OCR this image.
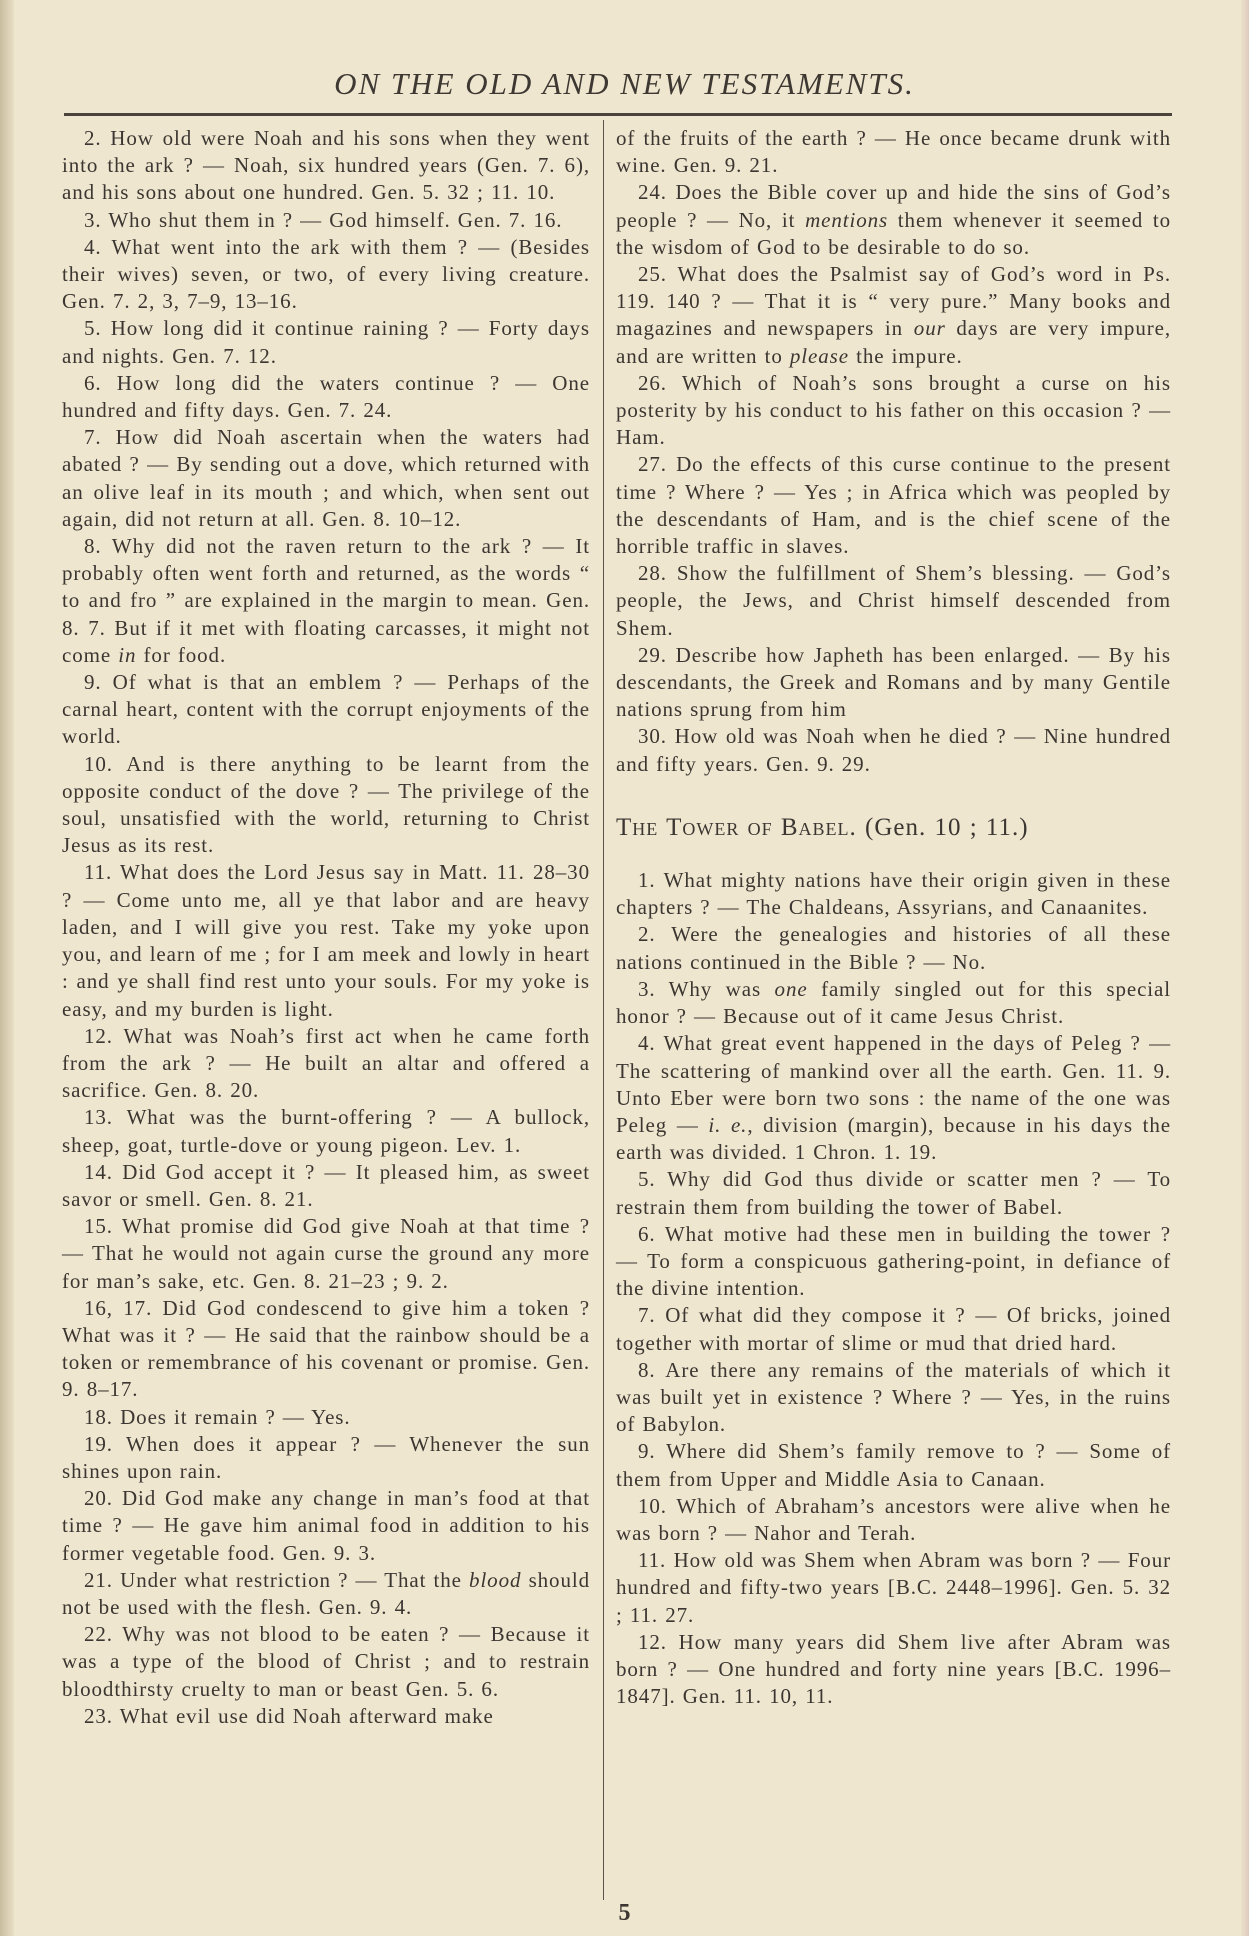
ON THE OLD AND NEW TESTAMENTS.

2. How old were Noah and his sons when they went into the ark ? — Noah, six hundred years (Gen. 7. 6), and his sons about one hundred. Gen. 5. 32 ; 11. 10.

3. Who shut them in ? — God himself. Gen. 7. 16.

4. What went into the ark with them ? — (Besides their wives) seven, or two, of every living creature. Gen. 7. 2, 3, 7–9, 13–16.

5. How long did it continue raining ? — Forty days and nights. Gen. 7. 12.

6. How long did the waters continue ? — One hundred and fifty days. Gen. 7. 24.

7. How did Noah ascertain when the waters had abated ? — By sending out a dove, which returned with an olive leaf in its mouth ; and which, when sent out again, did not return at all. Gen. 8. 10–12.

8. Why did not the raven return to the ark ? — It probably often went forth and returned, as the words “ to and fro ” are explained in the margin to mean. Gen. 8. 7. But if it met with floating carcasses, it might not come in for food.

9. Of what is that an emblem ? — Perhaps of the carnal heart, content with the corrupt enjoyments of the world.

10. And is there anything to be learnt from the opposite conduct of the dove ? — The privilege of the soul, unsatisfied with the world, returning to Christ Jesus as its rest.

11. What does the Lord Jesus say in Matt. 11. 28–30 ? — Come unto me, all ye that labor and are heavy laden, and I will give you rest. Take my yoke upon you, and learn of me ; for I am meek and lowly in heart : and ye shall find rest unto your souls. For my yoke is easy, and my burden is light.

12. What was Noah’s first act when he came forth from the ark ? — He built an altar and offered a sacrifice. Gen. 8. 20.

13. What was the burnt-offering ? — A bullock, sheep, goat, turtle-dove or young pigeon. Lev. 1.

14. Did God accept it ? — It pleased him, as sweet savor or smell. Gen. 8. 21.

15. What promise did God give Noah at that time ? — That he would not again curse the ground any more for man’s sake, etc. Gen. 8. 21–23 ; 9. 2.

16, 17. Did God condescend to give him a token ? What was it ? — He said that the rainbow should be a token or remembrance of his covenant or promise. Gen. 9. 8–17.

18. Does it remain ? — Yes.

19. When does it appear ? — Whenever the sun shines upon rain.

20. Did God make any change in man’s food at that time ? — He gave him animal food in addition to his former vegetable food. Gen. 9. 3.

21. Under what restriction ? — That the blood should not be used with the flesh. Gen. 9. 4.

22. Why was not blood to be eaten ? — Because it was a type of the blood of Christ ; and to restrain bloodthirsty cruelty to man or beast Gen. 5. 6.

23. What evil use did Noah afterward make

of the fruits of the earth ? — He once became drunk with wine. Gen. 9. 21.

24. Does the Bible cover up and hide the sins of God’s people ? — No, it mentions them whenever it seemed to the wisdom of God to be desirable to do so.

25. What does the Psalmist say of God’s word in Ps. 119. 140 ? — That it is “ very pure.” Many books and magazines and newspapers in our days are very impure, and are written to please the impure.

26. Which of Noah’s sons brought a curse on his posterity by his conduct to his father on this occasion ? — Ham.

27. Do the effects of this curse continue to the present time ? Where ? — Yes ; in Africa which was peopled by the descendants of Ham, and is the chief scene of the horrible traffic in slaves.

28. Show the fulfillment of Shem’s blessing. — God’s people, the Jews, and Christ himself descended from Shem.

29. Describe how Japheth has been enlarged. — By his descendants, the Greek and Romans and by many Gentile nations sprung from him

30. How old was Noah when he died ? — Nine hundred and fifty years. Gen. 9. 29.

The Tower of Babel. (Gen. 10 ; 11.)

1. What mighty nations have their origin given in these chapters ? — The Chaldeans, Assyrians, and Canaanites.

2. Were the genealogies and histories of all these nations continued in the Bible ? — No.

3. Why was one family singled out for this special honor ? — Because out of it came Jesus Christ.

4. What great event happened in the days of Peleg ? — The scattering of mankind over all the earth. Gen. 11. 9. Unto Eber were born two sons : the name of the one was Peleg — i. e., division (margin), because in his days the earth was divided. 1 Chron. 1. 19.

5. Why did God thus divide or scatter men ? — To restrain them from building the tower of Babel.

6. What motive had these men in building the tower ? — To form a conspicuous gathering-point, in defiance of the divine intention.

7. Of what did they compose it ? — Of bricks, joined together with mortar of slime or mud that dried hard.

8. Are there any remains of the materials of which it was built yet in existence ? Where ? — Yes, in the ruins of Babylon.

9. Where did Shem’s family remove to ? — Some of them from Upper and Middle Asia to Canaan.

10. Which of Abraham’s ancestors were alive when he was born ? — Nahor and Terah.

11. How old was Shem when Abram was born ? — Four hundred and fifty-two years [B.C. 2448–1996]. Gen. 5. 32 ; 11. 27.

12. How many years did Shem live after Abram was born ? — One hundred and forty nine years [B.C. 1996–1847]. Gen. 11. 10, 11.

5
